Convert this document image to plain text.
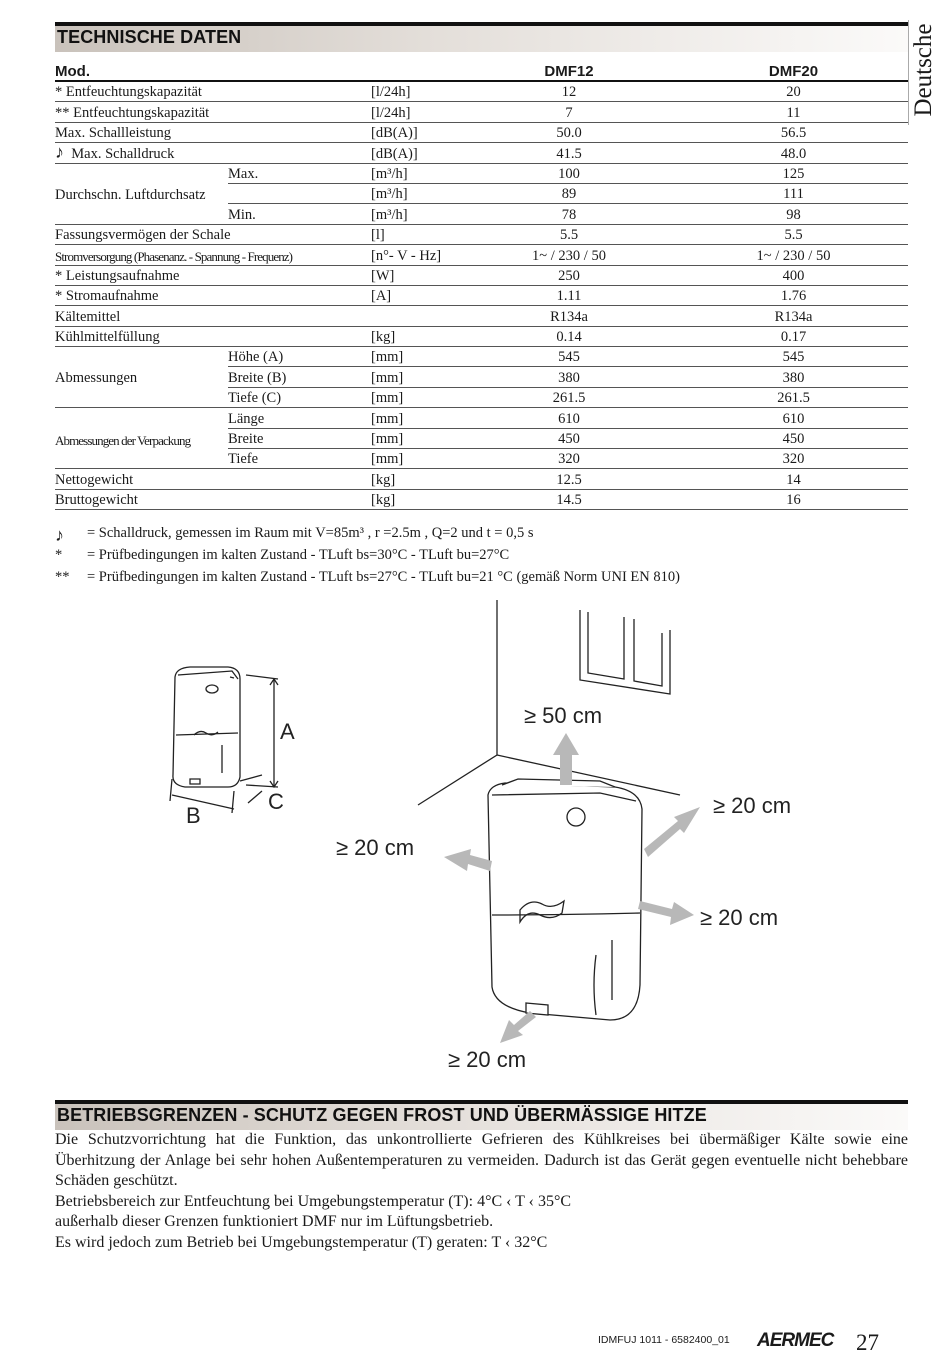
Deutsche
TECHNISCHE DATEN
Mod.			DMF12	DMF20
* Entfeuchtungskapazität		[l/24h]	12	20
** Entfeuchtungskapazität		[l/24h]	7	11
Max. Schallleistung		[dB(A)]	50.0	56.5
♪ Max. Schalldruck		[dB(A)]	41.5	48.0
	Max.	[m³/h]	100	125
Durchschn. Luftdurchsatz		[m³/h]	89	111
	Min.	[m³/h]	78	98
Fassungsvermögen der Schale		[l]	5.5	5.5
Stromversorgung (Phasenanz. - Spannung - Frequenz)		[n°- V - Hz]	1~ / 230 / 50	1~ / 230 / 50
* Leistungsaufnahme		[W]	250	400
* Stromaufnahme		[A]	1.11	1.76
Kältemittel			R134a	R134a
Kühlmittelfüllung		[kg]	0.14	0.17
	Höhe (A)	[mm]	545	545
Abmessungen	Breite (B)	[mm]	380	380
	Tiefe (C)	[mm]	261.5	261.5
	Länge	[mm]	610	610
Abmessungen der Verpackung	Breite	[mm]	450	450
	Tiefe	[mm]	320	320
Nettogewicht		[kg]	12.5	14
Bruttogewicht		[kg]	14.5	16
♪	= Schalldruck, gemessen im Raum mit V=85m³ , r =2.5m , Q=2 und t = 0,5 s
*	= Prüfbedingungen im kalten Zustand - TLuft bs=30°C - TLuft bu=27°C
**	= Prüfbedingungen im kalten Zustand - TLuft bs=27°C - TLuft bu=21 °C (gemäß Norm UNI EN 810)
A
B
C
≥ 50 cm
≥ 20 cm
≥ 20 cm
≥ 20 cm
≥ 20 cm
BETRIEBSGRENZEN - SCHUTZ GEGEN FROST UND ÜBERMÄSSIGE HITZE

Die Schutzvorrichtung hat die Funktion, das unkontrollierte Gefrieren des Kühlkreises bei übermäßiger Kälte sowie eine Überhitzung der Anlage bei sehr hohen Außentemperaturen zu vermeiden. Dadurch ist das Gerät gegen eventuelle nicht behebbare Schäden geschützt.

Betriebsbereich zur Entfeuchtung bei Umgebungstemperatur (T): 4°C ‹ T ‹ 35°C

außerhalb dieser Grenzen funktioniert DMF nur im Lüftungsbetrieb.

Es wird jedoch zum Betrieb bei Umgebungstemperatur (T) geraten: T ‹ 32°C

IDMFUJ 1011 - 6582400_01 AERMEC 27
